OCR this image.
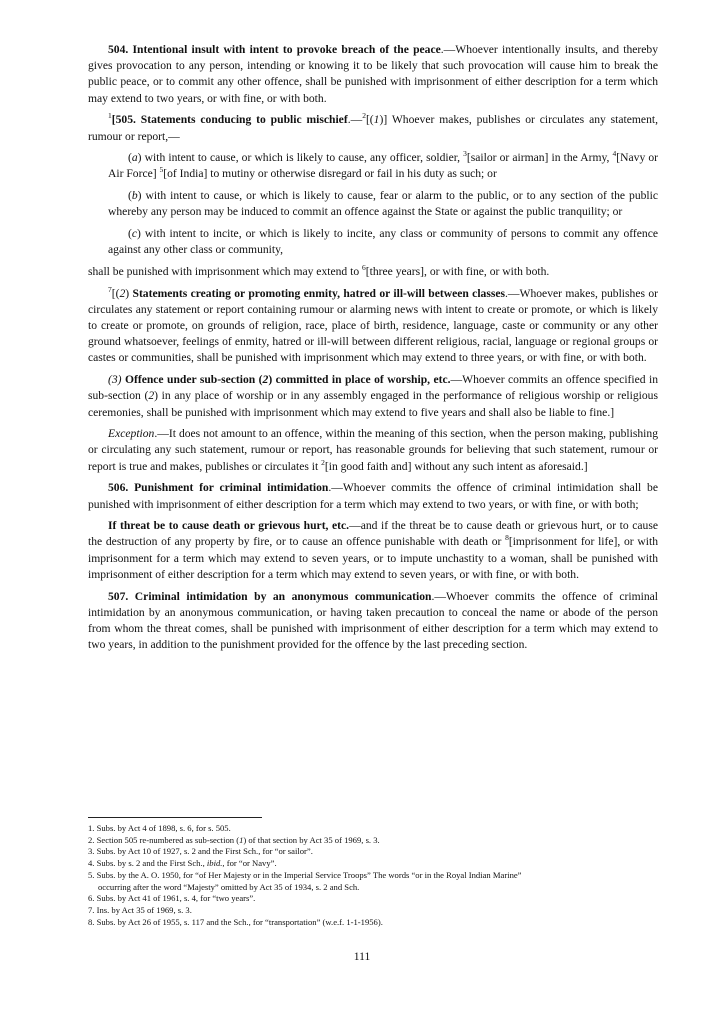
504. Intentional insult with intent to provoke breach of the peace.—Whoever intentionally insults, and thereby gives provocation to any person, intending or knowing it to be likely that such provocation will cause him to break the public peace, or to commit any other offence, shall be punished with imprisonment of either description for a term which may extend to two years, or with fine, or with both.

$^1$[505. Statements conducing to public mischief.—$^2$[(1)] Whoever makes, publishes or circulates any statement, rumour or report,—

(a) with intent to cause, or which is likely to cause, any officer, soldier, $^3$[sailor or airman] in the Army, $^4$[Navy or Air Force] $^5$[of India] to mutiny or otherwise disregard or fail in his duty as such; or

(b) with intent to cause, or which is likely to cause, fear or alarm to the public, or to any section of the public whereby any person may be induced to commit an offence against the State or against the public tranquility; or

(c) with intent to incite, or which is likely to incite, any class or community of persons to commit any offence against any other class or community,

shall be punished with imprisonment which may extend to $^6$[three years], or with fine, or with both.

$^7$[(2) Statements creating or promoting enmity, hatred or ill-will between classes.—Whoever makes, publishes or circulates any statement or report containing rumour or alarming news with intent to create or promote, or which is likely to create or promote, on grounds of religion, race, place of birth, residence, language, caste or community or any other ground whatsoever, feelings of enmity, hatred or ill-will between different religious, racial, language or regional groups or castes or communities, shall be punished with imprisonment which may extend to three years, or with fine, or with both.

(3) Offence under sub-section (2) committed in place of worship, etc.—Whoever commits an offence specified in sub-section (2) in any place of worship or in any assembly engaged in the performance of religious worship or religious ceremonies, shall be punished with imprisonment which may extend to five years and shall also be liable to fine.]

Exception.—It does not amount to an offence, within the meaning of this section, when the person making, publishing or circulating any such statement, rumour or report, has reasonable grounds for believing that such statement, rumour or report is true and makes, publishes or circulates it $^2$[in good faith and] without any such intent as aforesaid.]

506. Punishment for criminal intimidation.—Whoever commits the offence of criminal intimidation shall be punished with imprisonment of either description for a term which may extend to two years, or with fine, or with both;

If threat be to cause death or grievous hurt, etc.—and if the threat be to cause death or grievous hurt, or to cause the destruction of any property by fire, or to cause an offence punishable with death or $^8$[imprisonment for life], or with imprisonment for a term which may extend to seven years, or to impute unchastity to a woman, shall be punished with imprisonment of either description for a term which may extend to seven years, or with fine, or with both.

507. Criminal intimidation by an anonymous communication.—Whoever commits the offence of criminal intimidation by an anonymous communication, or having taken precaution to conceal the name or abode of the person from whom the threat comes, shall be punished with imprisonment of either description for a term which may extend to two years, in addition to the punishment provided for the offence by the last preceding section.

1. Subs. by Act 4 of 1898, s. 6, for s. 505.

2. Section 505 re-numbered as sub-section (1) of that section by Act 35 of 1969, s. 3.

3. Subs. by Act 10 of 1927, s. 2 and the First Sch., for “or sailor”.

4. Subs. by s. 2 and the First Sch., ibid., for “or Navy”.

5. Subs. by the A. O. 1950, for “of Her Majesty or in the Imperial Service Troops” The words “or in the Royal Indian Marine”
occurring after the word “Majesty” omitted by Act 35 of 1934, s. 2 and Sch.

6. Subs. by Act 41 of 1961, s. 4, for “two years”.

7. Ins. by Act 35 of 1969, s. 3.

8. Subs. by Act 26 of 1955, s. 117 and the Sch., for “transportation” (w.e.f. 1-1-1956).

111
